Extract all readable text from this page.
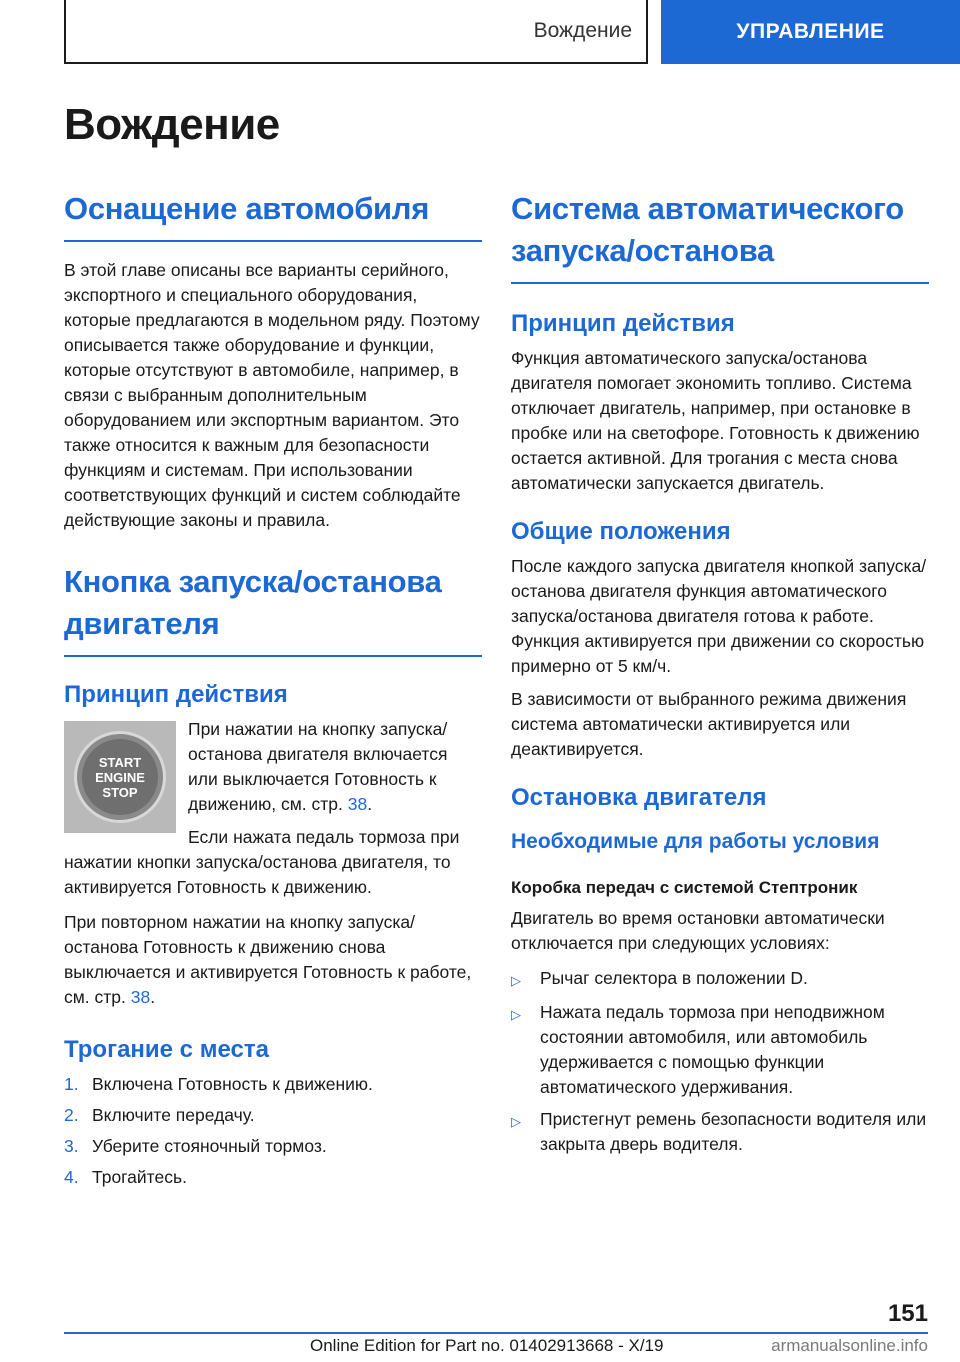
Вождение	УПРАВЛЕНИЕ
Вождение
Оснащение автомобиля

В этой главе описаны все варианты серийного, экспортного и специального оборудования, которые предлагаются в модельном ряду. Поэтому описывается также оборудование и функции, которые отсутствуют в автомобиле, например, в связи с выбранным дополнительным оборудованием или экспортным вариантом. Это также относится к важным для безопасности функциям и системам. При использовании соответствующих функций и систем соблюдайте действующие законы и правила.

Кнопка запуска/останова двигателя
Принцип действия
START
ENGINE
STOP

При нажатии на кнопку запуска/останова двигателя включается или выключается Готовность к движению, см. стр. 38.

Если нажата педаль тормоза при нажатии кнопки запуска/останова двигателя, то активируется Готовность к движению.

При повторном нажатии на кнопку запуска/останова Готовность к движению снова выключается и активируется Готовность к работе, см. стр. 38.

Трогание с места
1. Включена Готовность к движению.
2. Включите передачу.
3. Уберите стояночный тормоз.
4. Трогайтесь.
Система автоматического запуска/останова
Принцип действия

Функция автоматического запуска/останова двигателя помогает экономить топливо. Система отключает двигатель, например, при остановке в пробке или на светофоре. Готовность к движению остается активной. Для трогания с места снова автоматически запускается двигатель.

Общие положения

После каждого запуска двигателя кнопкой запуска/останова двигателя функция автоматического запуска/останова двигателя готова к работе. Функция активируется при движении со скоростью примерно от 5 км/ч.

В зависимости от выбранного режима движения система автоматически активируется или деактивируется.

Остановка двигателя
Необходимые для работы условия
Коробка передач с системой Стептроник

Двигатель во время остановки автоматически отключается при следующих условиях:

▷	Рычаг селектора в положении D.
▷	Нажата педаль тормоза при неподвижном состоянии автомобиля, или автомобиль удерживается с помощью функции автоматического удерживания.
▷	Пристегнут ремень безопасности водителя или закрыта дверь водителя.
151
Online Edition for Part no. 01402913668 - X/19	armanualsonline.info
